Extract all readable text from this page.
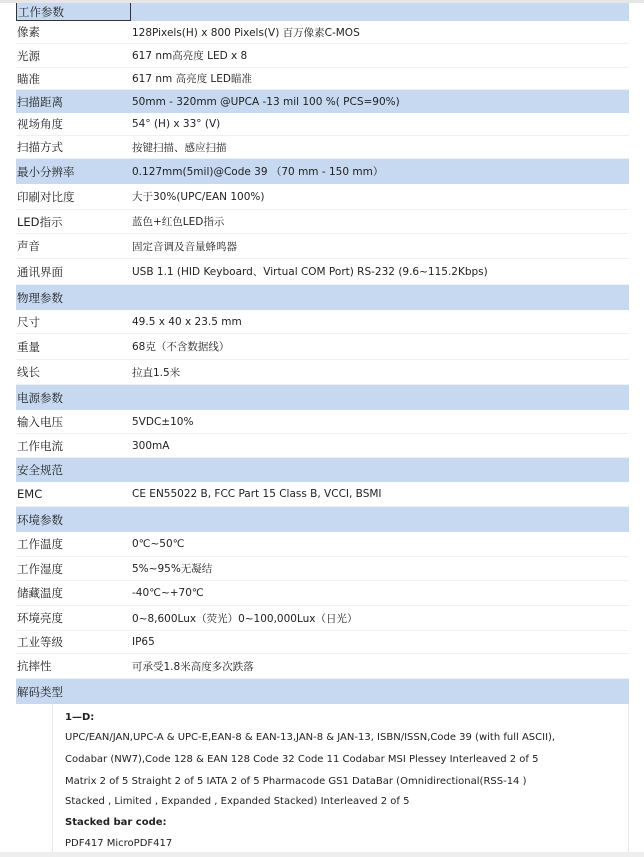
工作参数
像素	128Pixels(H) x 800 Pixels(V) 百万像素C-MOS
光源	617 nm高亮度 LED x 8
瞄准	617 nm 高亮度 LED瞄准
扫描距离	50mm - 320mm @UPCA -13 mil 100 %( PCS=90%)
视场角度	54° (H) x 33° (V)
扫描方式	按键扫描、感应扫描
最小分辨率	0.127mm(5mil)@Code 39 （70 mm - 150 mm）
印刷对比度	大于30%(UPC/EAN 100%)
LED指示	蓝色+红色LED指示
声音	固定音调及音量蜂鸣器
通讯界面	USB 1.1 (HID Keyboard、Virtual COM Port) RS-232 (9.6~115.2Kbps)
物理参数
尺寸	49.5 x 40 x 23.5 mm
重量	68克（不含数据线）
线长	拉直1.5米
电源参数
输入电压	5VDC±10%
工作电流	300mA
安全规范
EMC	CE EN55022 B, FCC Part 15 Class B, VCCI, BSMI
环境参数
工作温度	0℃~50℃
工作湿度	5%~95%无凝结
储藏温度	-40℃~+70℃
环境亮度	0~8,600Lux（荧光）0~100,000Lux（日光）
工业等级	IP65
抗摔性	可承受1.8米高度多次跌落
解码类型
1—D:
UPC/EAN/JAN,UPC-A & UPC-E,EAN-8 & EAN-13,JAN-8 & JAN-13, ISBN/ISSN,Code 39 (with full ASCII),
Codabar (NW7),Code 128 & EAN 128 Code 32 Code 11 Codabar MSI Plessey Interleaved 2 of 5
Matrix 2 of 5 Straight 2 of 5 IATA 2 of 5 Pharmacode GS1 DataBar (Omnidirectional(RSS-14 )
Stacked , Limited , Expanded , Expanded Stacked) Interleaved 2 of 5
Stacked bar code:
PDF417 MicroPDF417
